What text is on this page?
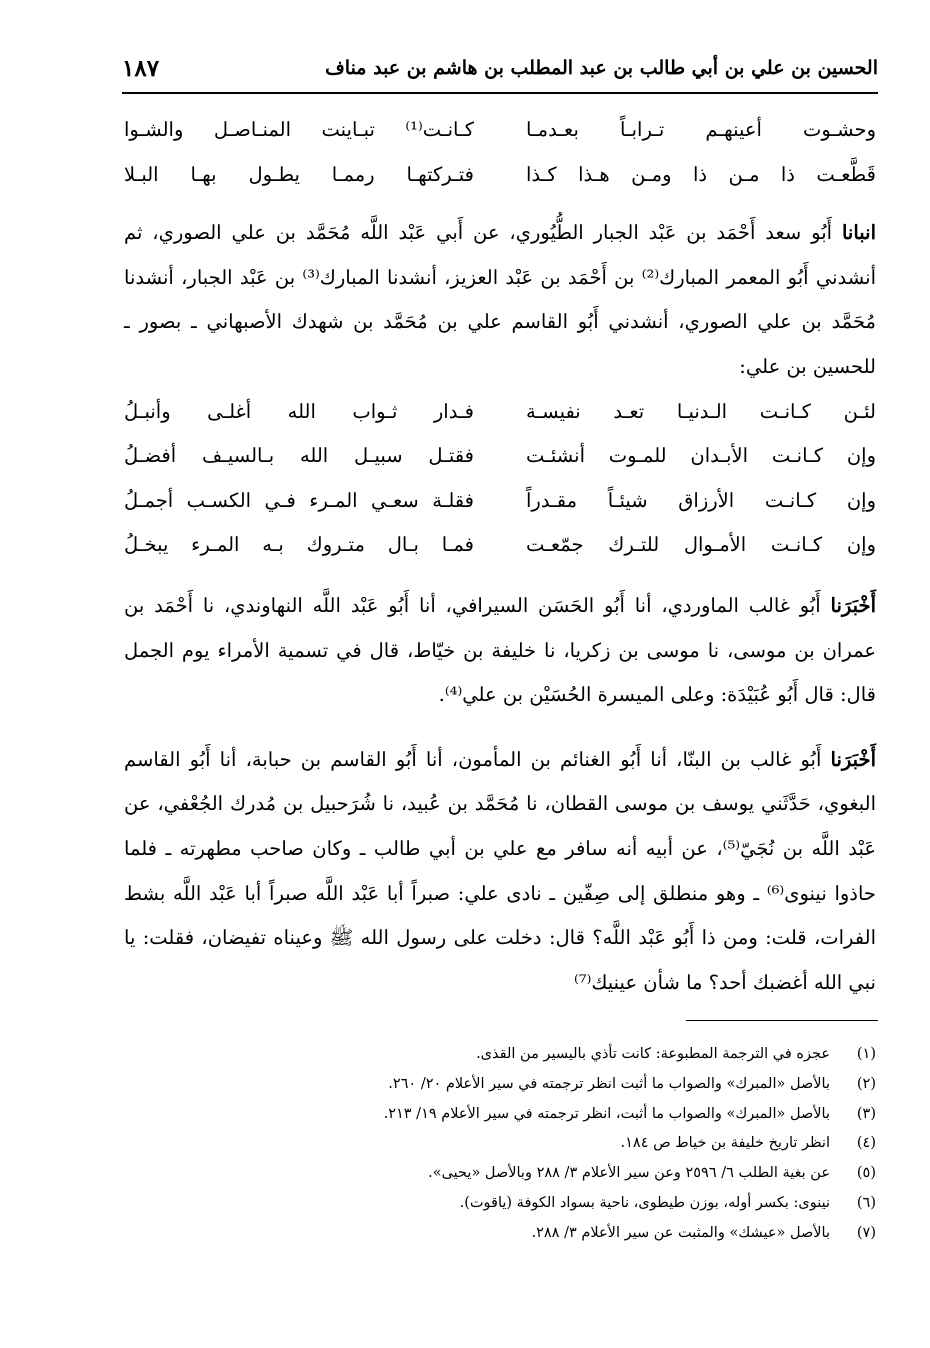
الحسين بن علي بن أبي طالب بن عبد المطلب بن هاشم بن عبد مناف
١٨٧
وحشـوت أعينهـم تـرابـاً بعـدمـا
كـانـت⁽¹⁾ تبـاينت المنـاصـل والشـوا
قَطَّعـت ذا مـن ذا ومـن هـذا كـذا
فتـركتهـا رممـا يطـول بهـا البـلا

انبانا أَبُو سعد أَحْمَد بن عَبْد الجبار الطُّيُوري، عن أَبي عَبْد اللَّه مُحَمَّد بن علي الصوري، ثم أنشدني أَبُو المعمر المبارك⁽²⁾ بن أَحْمَد بن عَبْد العزيز، أنشدنا المبارك⁽³⁾ بن عَبْد الجبار، أنشدنا مُحَمَّد بن علي الصوري، أنشدني أَبُو القاسم علي بن مُحَمَّد بن شهدك الأصبهاني ـ بصور ـ للحسين بن علي:

لئـن كـانـت الـدنيـا تعـد نفيسـة
فـدار ثـواب الله أغلـى وأنبـلُ
وإن كـانـت الأبـدان للمـوت أنشئـت
فقتـل سبيـل الله بـالسيـف أفضـلُ
وإن كـانـت الأرزاق شيئـاً مقـدراً
فقلـة سعـي المـرء فـي الكسـب أجمـلُ
وإن كـانـت الأمـوال للتـرك جمّعـت
فمـا بـال متـروك بـه المـرء يبخـلُ

أَخْبَرَنا أَبُو غالب الماوردي، أنا أَبُو الحَسَن السيرافي، أنا أَبُو عَبْد اللَّه النهاوندي، نا أَحْمَد بن عمران بن موسى، نا موسى بن زكريا، نا خليفة بن خيّاط، قال في تسمية الأمراء يوم الجمل قال: قال أَبُو عُبَيْدَة: وعلى الميسرة الحُسَيْن بن علي⁽⁴⁾.

أَخْبَرَنا أَبُو غالب بن البنّا، أنا أَبُو الغنائم بن المأمون، أنا أَبُو القاسم بن حبابة، أنا أَبُو القاسم البغوي، حَدَّثَني يوسف بن موسى القطان، نا مُحَمَّد بن عُبيد، نا شُرَحبيل بن مُدرك الجُعْفي، عن عَبْد اللَّه بن نُجَيّ⁽⁵⁾، عن أبيه أنه سافر مع علي بن أبي طالب ـ وكان صاحب مطهرته ـ فلما حاذوا نينوى⁽⁶⁾ ـ وهو منطلق إلى صِفّين ـ نادى علي: صبراً أبا عَبْد اللَّه صبراً أبا عَبْد اللَّه بشط الفرات، قلت: ومن ذا أَبُو عَبْد اللَّه؟ قال: دخلت على رسول الله ﷺ وعيناه تفيضان، فقلت: يا نبي الله أغضبك أحد؟ ما شأن عينيك⁽⁷⁾

(١)
عجزه في الترجمة المطبوعة: كانت تأذي باليسير من القذى.
(٢)
بالأصل «المبرك» والصواب ما أثبت انظر ترجمته في سير الأعلام ٢٠/ ٢٦٠.
(٣)
بالأصل «المبرك» والصواب ما أثبت، انظر ترجمته في سير الأعلام ١٩/ ٢١٣.
(٤)
انظر تاريخ خليفة بن خياط ص ١٨٤.
(٥)
عن بغية الطلب ٦/ ٢٥٩٦ وعن سير الأعلام ٣/ ٢٨٨ وبالأصل «يحيى».
(٦)
نينوى: بكسر أوله، بوزن طيطوى، ناحية بسواد الكوفة (ياقوت).
(٧)
بالأصل «عيشك» والمثبت عن سير الأعلام ٣/ ٢٨٨.
